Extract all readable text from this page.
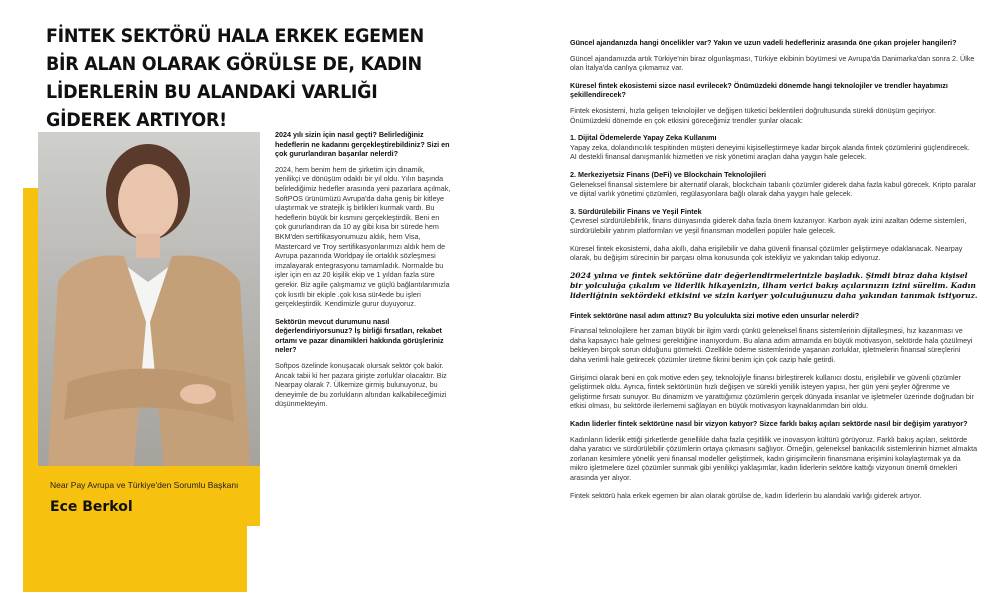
FİNTEK SEKTÖRÜ HALA ERKEK EGEMEN BİR ALAN OLARAK GÖRÜLSE DE, KADIN LİDERLERİN BU ALANDAKİ VARLIĞI GİDEREK ARTIYOR!
Near Pay Avrupa ve Türkiye'den Sorumlu Başkanı
Ece Berkol
2024 yılı sizin için nasıl geçti? Belirlediğiniz hedeflerin ne kadarını gerçekleştirebildiniz? Sizi en çok gururlandıran başarılar nelerdi?
2024, hem benim hem de şirketim için dinamik, yenilikçi ve dönüşüm odaklı bir yıl oldu. Yılın başında belirlediğimiz hedefler arasında yeni pazarlara açılmak, SoftPOS ürünümüzü Avrupa'da daha geniş bir kitleye ulaştırmak ve stratejik iş birlikleri kurmak vardı. Bu hedeflerin büyük bir kısmını gerçekleştirdik. Beni en çok gururlandıran da 10 ay gibi kısa bir sürede hem BKM'den sertifikasyonumuzu aldık, hem Visa, Mastercard ve Troy sertifikasyonlarımızı aldık hem de Avrupa pazarında Worldpay ile ortaklık sözleşmesi imzalayarak entegrasyonu tamamladık. Normalde bu işler için en az 20 kişilik ekip ve 1 yıldan fazla süre gerekir. Biz agile çalışmamız ve güçlü bağlantılarımızla çok kısıtlı bir ekiple .çok kısa sür4ede bu işleri gerçekleştirdik. Kendimizle gurur duyuyoruz.
Sektörün mevcut durumunu nasıl değerlendiriyorsunuz? İş birliği fırsatları, rekabet ortamı ve pazar dinamikleri hakkında görüşleriniz neler?
Softpos özelinde konuşacak olursak sektör çok bakir. Ancak tabii ki her pazara girişte zorluklar olacaktır. Biz Nearpay olarak 7. Ülkemize girmiş bulunuyoruz, bu deneyimle de bu zorlukların altından kalkabileceğimizi düşünmekteyim.
Güncel ajandanızda hangi öncelikler var? Yakın ve uzun vadeli hedefleriniz arasında öne çıkan projeler hangileri?
Güncel ajandamızda artık Türkiye'nin biraz olgunlaşması, Türkiye ekibinin büyümesi ve Avrupa'da Danimarka'dan sonra 2. Ülke olan İtalya'da canlıya çıkmamız var.
Küresel fintek ekosistemi sizce nasıl evrilecek? Önümüzdeki dönemde hangi teknolojiler ve trendler hayatımızı şekillendirecek?
Fintek ekosistemi, hızla gelişen teknolojiler ve değişen tüketici beklentileri doğrultusunda sürekli dönüşüm geçiriyor. Önümüzdeki dönemde en çok etkisini göreceğimiz trendler şunlar olacak:
1. Dijital Ödemelerde Yapay Zeka Kullanımı
Yapay zeka, dolandırıcılık tespitinden müşteri deneyimi kişiselleştirmeye kadar birçok alanda fintek çözümlerini güçlendirecek. AI destekli finansal danışmanlık hizmetleri ve risk yönetimi araçları daha yaygın hale gelecek.
2. Merkeziyetsiz Finans (DeFi) ve Blockchain Teknolojileri
Geleneksel finansal sistemlere bir alternatif olarak, blockchain tabanlı çözümler giderek daha fazla kabul görecek. Kripto paralar ve dijital varlık yönetimi çözümleri, regülasyonlara bağlı olarak daha yaygın hale gelecek.
3. Sürdürülebilir Finans ve Yeşil Fintek
Çevresel sürdürülebilirlik, finans dünyasında giderek daha fazla önem kazanıyor. Karbon ayak izini azaltan ödeme sistemleri, sürdürülebilir yatırım platformları ve yeşil finansman modelleri popüler hale gelecek.
Küresel fintek ekosistemi, daha akıllı, daha erişilebilir ve daha güvenli finansal çözümler geliştirmeye odaklanacak. Nearpay olarak, bu değişim sürecinin bir parçası olma konusunda çok istekliyiz ve yakından takip ediyoruz.
2024 yılına ve fintek sektörüne dair değerlendirmelerinizle başladık. Şimdi biraz daha kişisel bir yolculuğa çıkalım ve liderlik hikayenizin, ilham verici bakış açılarınızın izini sürelim. Kadın liderliğinin sektördeki etkisini ve sizin kariyer yolculuğunuzu daha yakından tanımak istiyoruz.
Fintek sektörüne nasıl adım attınız? Bu yolculukta sizi motive eden unsurlar nelerdi?
Finansal teknolojilere her zaman büyük bir ilgim vardı çünkü geleneksel finans sistemlerinin dijitalleşmesi, hız kazanması ve daha kapsayıcı hale gelmesi gerektiğine inanıyordum. Bu alana adım atmamda en büyük motivasyon, sektörde hala çözülmeyi bekleyen birçok sorun olduğunu görmekti. Özellikle ödeme sistemlerinde yaşanan zorluklar, işletmelerin finansal süreçlerini daha verimli hale getirecek çözümler üretme fikrini benim için çok cazip hale getirdi.
Girişimci olarak beni en çok motive eden şey, teknolojiyle finansı birleştirerek kullanıcı dostu, erişilebilir ve güvenli çözümler geliştirmek oldu. Ayrıca, fintek sektörünün hızlı değişen ve sürekli yenilik isteyen yapısı, her gün yeni şeyler öğrenme ve geliştirme fırsatı sunuyor. Bu dinamizm ve yarattığımız çözümlerin gerçek dünyada insanlar ve işletmeler üzerinde doğrudan bir etkisi olması, bu sektörde ilerlememi sağlayan en büyük motivasyon kaynaklarımdan biri oldu.
Kadın liderler fintek sektörüne nasıl bir vizyon katıyor? Sizce farklı bakış açıları sektörde nasıl bir değişim yaratıyor?
Kadınların liderlik ettiği şirketlerde genellikle daha fazla çeşitlilik ve inovasyon kültürü görüyoruz. Farklı bakış açıları, sektörde daha yaratıcı ve sürdürülebilir çözümlerin ortaya çıkmasını sağlıyor. Örneğin, geleneksel bankacılık sistemlerinin hizmet almakta zorlanan kesimlere yönelik yeni finansal modeller geliştirmek, kadın girişimcilerin finansmana erişimini kolaylaştırmak ya da mikro işletmelere özel çözümler sunmak gibi yenilikçi yaklaşımlar, kadın liderlerin sektöre kattığı vizyonun önemli örnekleri arasında yer alıyor.
Fintek sektörü hala erkek egemen bir alan olarak görülse de, kadın liderlerin bu alandaki varlığı giderek artıyor.
